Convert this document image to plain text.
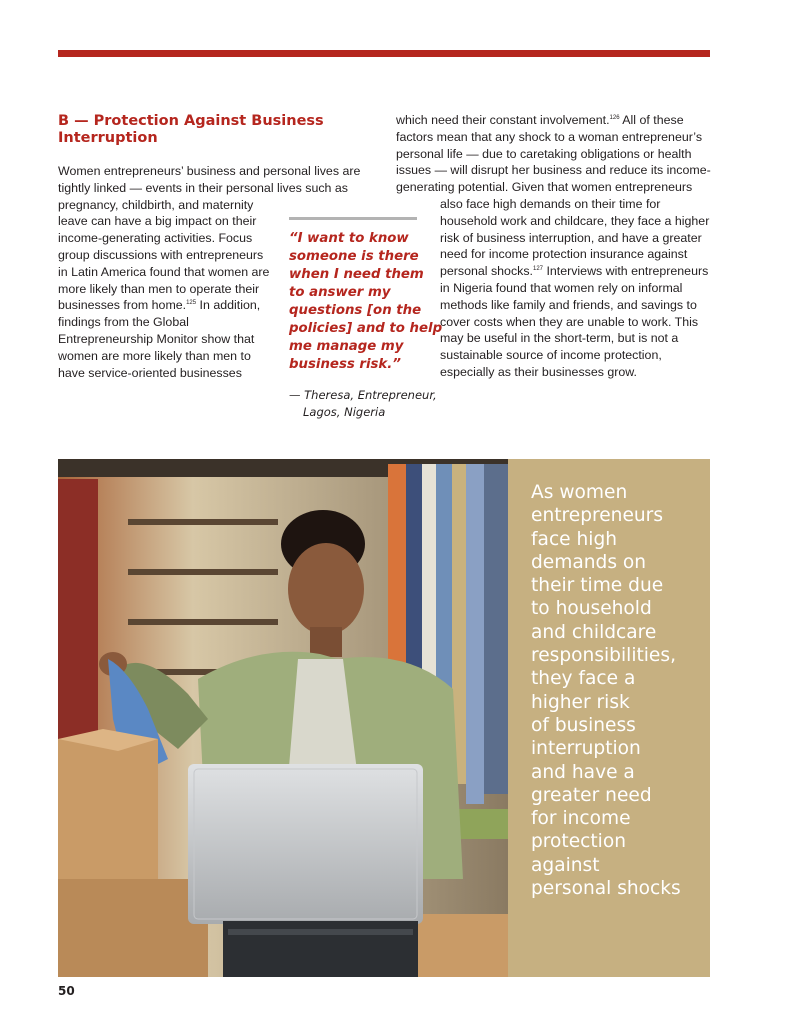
B — Protection Against Business
Interruption
Women entrepreneurs’ business and personal lives are
tightly linked — events in their personal lives such as
pregnancy, childbirth, and maternity
leave can have a big impact on their
income-generating activities. Focus
group discussions with entrepreneurs
in Latin America found that women are
more likely than men to operate their
businesses from home.$^{125}$ In addition,
findings from the Global
Entrepreneurship Monitor show that
women are more likely than men to
have service-oriented businesses
which need their constant involvement.$^{126}$ All of these
factors mean that any shock to a woman entrepreneur’s
personal life — due to caretaking obligations or health
issues — will disrupt her business and reduce its income-
generating potential. Given that women entrepreneurs
also face high demands on their time for
household work and childcare, they face a higher
risk of business interruption, and have a greater
need for income protection insurance against
personal shocks.$^{127}$ Interviews with entrepreneurs
in Nigeria found that women rely on informal
methods like family and friends, and savings to
cover costs when they are unable to work. This
may be useful in the short-term, but is not a
sustainable source of income protection,
especially as their businesses grow.

“I want to know
someone is there
when I need them
to answer my
questions [on the
policies] and to help
me manage my
business risk.”

— Theresa, Entrepreneur,
Lagos, Nigeria

As women
entrepreneurs
face high
demands on
their time due
to household
and childcare
responsibilities,
they face a
higher risk
of business
interruption
and have a
greater need
for income
protection
against
personal shocks

50
